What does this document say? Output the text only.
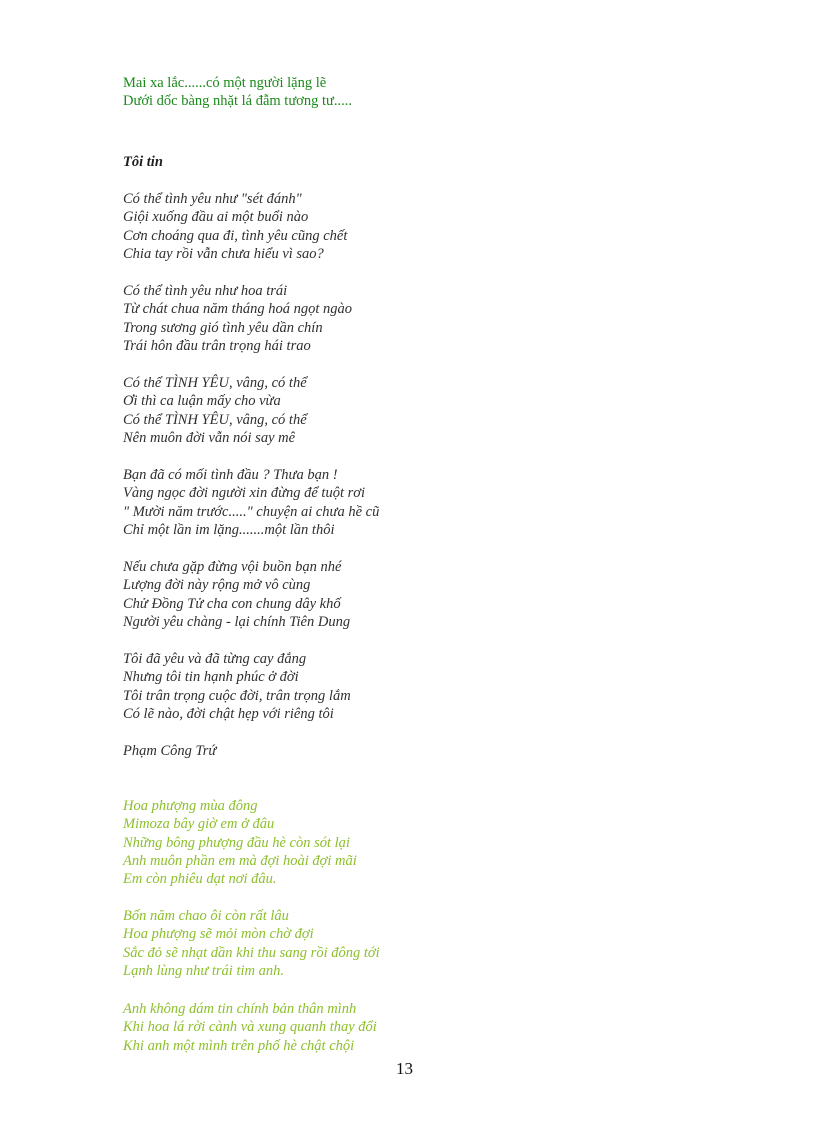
Mai xa lắc......có một người lặng lẽ
Dưới dốc bàng nhặt lá đẫm tương tư.....
Tôi tin
Có thể tình yêu như "sét đánh"
Giội xuống đầu ai một buổi nào
Cơn choáng qua đi, tình yêu cũng chết
Chia tay rồi vẫn chưa hiểu vì sao?
Có thể tình yêu như hoa trái
Từ chát chua năm tháng hoá ngọt ngào
Trong sương gió tình yêu dần chín
Trái hôn đầu trân trọng hái trao
Có thể TÌNH YÊU, vâng, có thể
Ơi thì ca luận mấy cho vừa
Có thể TÌNH YÊU, vâng, có thể
Nên muôn đời vẫn nói say mê
Bạn đã có mối tình đầu ? Thưa bạn !
Vàng ngọc đời người xin đừng để tuột rơi
" Mười năm trước....." chuyện ai chưa hề cũ
Chỉ một lần im lặng.......một lần thôi
Nếu chưa gặp đừng vội buồn bạn nhé
Lượng đời này rộng mở vô cùng
Chử Đồng Tử cha con chung dây khố
Người yêu chàng - lại chính Tiên Dung
Tôi đã yêu và đã từng cay đắng
Nhưng tôi tin hạnh phúc ở đời
Tôi trân trọng cuộc đời, trân trọng lắm
Có lẽ nào, đời chật hẹp với riêng tôi
Phạm Công Trứ
Hoa phượng mùa đông
Mimoza bây giờ em ở đâu
Những bông phượng đầu hè còn sót lại
Anh muôn phần em mà đợi hoài đợi mãi
Em còn phiêu dạt nơi đâu.
Bốn năm chao ôi còn rất lâu
Hoa phượng sẽ mỏi mòn chờ đợi
Sắc đỏ sẽ nhạt dần khi thu sang rồi đông tới
Lạnh lùng như trái tim anh.
Anh không dám tin chính bản thân mình
Khi hoa lá rời cành và xung quanh thay đổi
Khi anh một mình trên phố hè chật chội
13
